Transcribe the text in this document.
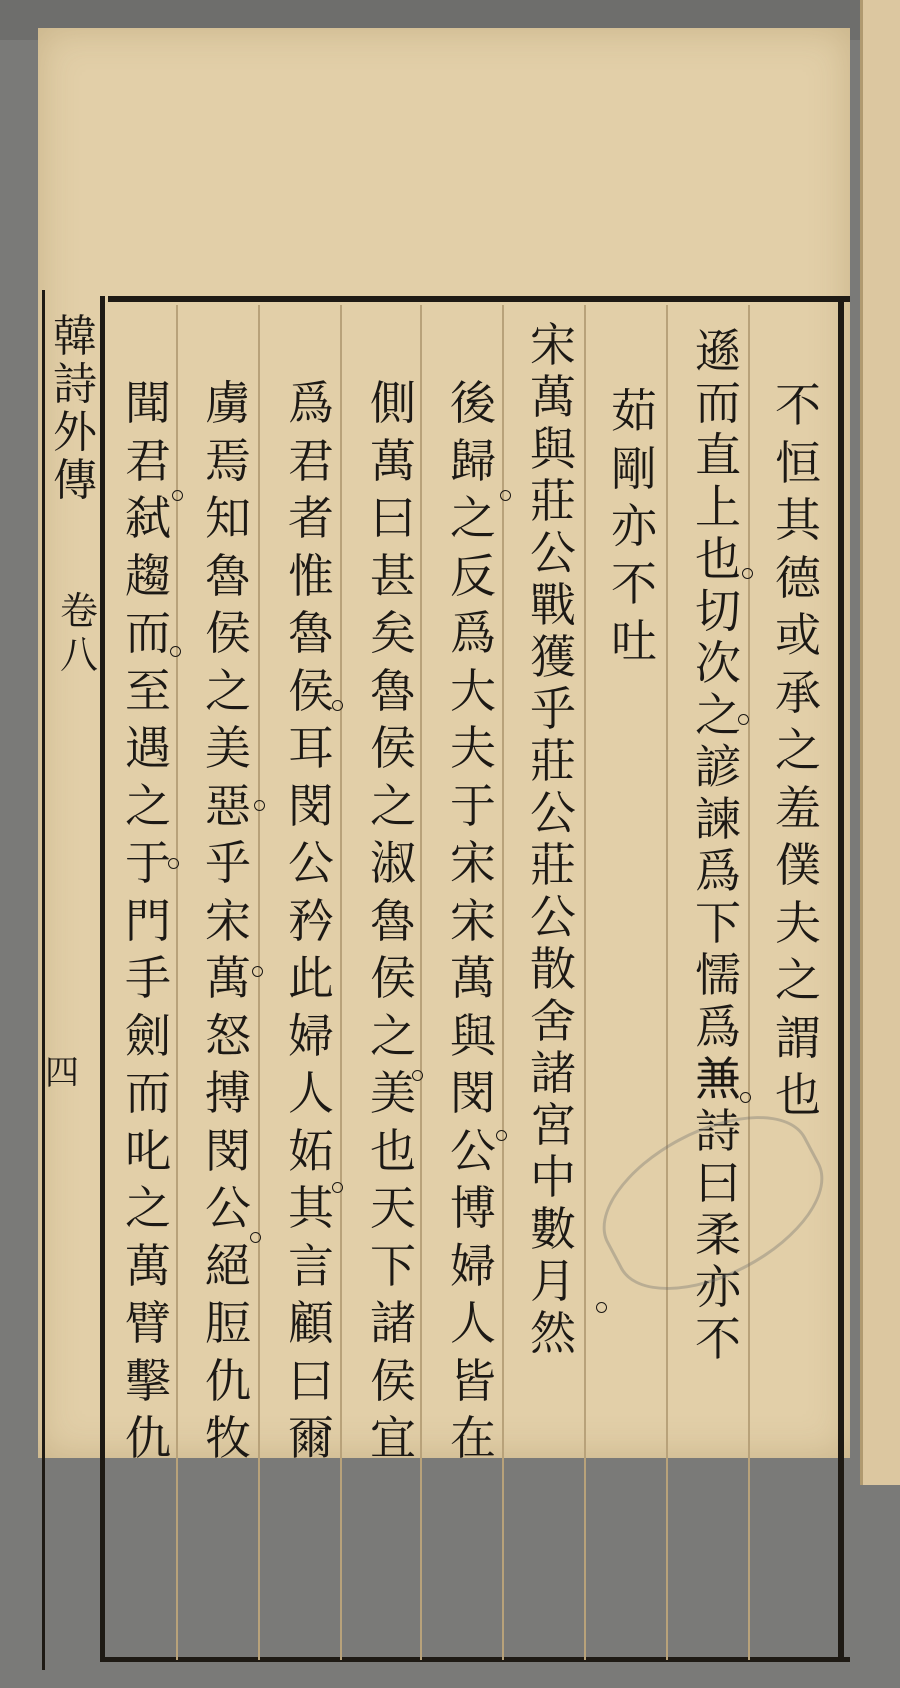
韓
詩
外
傳
卷
八
四
不
恒
其
德
或
承
之
羞
僕
夫
之
謂
也
遜
而
直
上
也
切
次
之
諺
諫
爲
下
懦
爲
𠔥
詩
曰
柔
亦
不
茹
剛
亦
不
吐
宋
萬
與
莊
公
戰
獲
乎
莊
公
莊
公
散
舍
諸
宮
中
數
月
然
後
歸
之
反
爲
大
夫
于
宋
宋
萬
與
閔
公
博
婦
人
皆
在
側
萬
曰
甚
矣
魯
侯
之
淑
魯
侯
之
美
也
天
下
諸
侯
宜
爲
君
者
惟
魯
侯
耳
閔
公
矜
此
婦
人
妬
其
言
顧
曰
爾
虜
焉
知
魯
侯
之
美
惡
乎
宋
萬
怒
搏
閔
公
絕
脰
仇
牧
聞
君
弑
趨
而
至
遇
之
于
門
手
劍
而
叱
之
萬
臂
擊
仇
